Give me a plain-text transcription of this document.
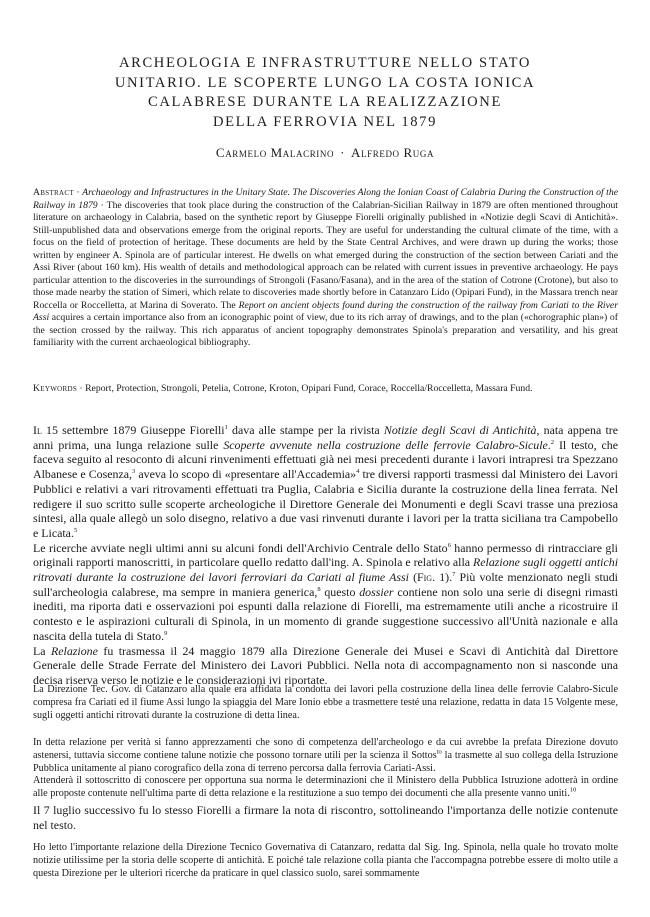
ARCHEOLOGIA E INFRASTRUTTURE NELLO STATO
UNITARIO. LE SCOPERTE LUNGO LA COSTA IONICA
CALABRESE DURANTE LA REALIZZAZIONE
DELLA FERROVIA NEL 1879
Carmelo Malacrino · Alfredo Ruga
Abstract · Archaeology and Infrastructures in the Unitary State. The Discoveries Along the Ionian Coast of Calabria During the Construction of the Railway in 1879 · The discoveries that took place during the construction of the Calabrian-Sicilian Railway in 1879 are often mentioned throughout literature on archaeology in Calabria, based on the synthetic report by Giuseppe Fiorelli originally published in «Notizie degli Scavi di Antichità». Still-unpublished data and observations emerge from the original reports. They are useful for understanding the cultural climate of the time, with a focus on the field of protection of heritage. These documents are held by the State Central Archives, and were drawn up during the works; those written by engineer A. Spinola are of particular interest. He dwells on what emerged during the construction of the section between Cariati and the Assi River (about 160 km). His wealth of details and methodological approach can be related with current issues in preventive archaeology. He pays particular attention to the discoveries in the surroundings of Strongoli (Fasano/Fasana), and in the area of the station of Cotrone (Crotone), but also to those made nearby the station of Simeri, which relate to discoveries made shortly before in Catanzaro Lido (Opipari Fund), in the Massara trench near Roccella or Roccelletta, at Marina di Soverato. The Report on ancient objects found during the construction of the railway from Cariati to the River Assi acquires a certain importance also from an iconographic point of view, due to its rich array of drawings, and to the plan («chorographic plan») of the section crossed by the railway. This rich apparatus of ancient topography demonstrates Spinola's preparation and versatility, and his great familiarity with the current archaeological bibliography.
Keywords · Report, Protection, Strongoli, Petelia, Cotrone, Kroton, Opipari Fund, Corace, Roccella/Roccelletta, Massara Fund.

Il 15 settembre 1879 Giuseppe Fiorelli$^1$ dava alle stampe per la rivista Notizie degli Scavi di Antichità, nata appena tre anni prima, una lunga relazione sulle Scoperte avvenute nella costruzione delle ferrovie Calabro-Sicule.$^2$ Il testo, che faceva seguito al resoconto di alcuni rinvenimenti effettuati già nei mesi precedenti durante i lavori intrapresi tra Spezzano Albanese e Cosenza,$^3$ aveva lo scopo di «presentare all'Accademia»$^4$ tre diversi rapporti trasmessi dal Ministero dei Lavori Pubblici e relativi a vari ritrovamenti effettuati tra Puglia, Calabria e Sicilia durante la costruzione della linea ferrata. Nel redigere il suo scritto sulle scoperte archeologiche il Direttore Generale dei Monumenti e degli Scavi trasse una preziosa sintesi, alla quale allegò un solo disegno, relativo a due vasi rinvenuti durante i lavori per la tratta siciliana tra Campobello e Licata.$^5$

Le ricerche avviate negli ultimi anni su alcuni fondi dell'Archivio Centrale dello Stato$^6$ hanno permesso di rintracciare gli originali rapporti manoscritti, in particolare quello redatto dall'ing. A. Spinola e relativo alla Relazione sugli oggetti antichi ritrovati durante la costruzione dei lavori ferroviari da Cariati al fiume Assi (Fig. 1).$^7$ Più volte menzionato negli studi sull'archeologia calabrese, ma sempre in maniera generica,$^8$ questo dossier contiene non solo una serie di disegni rimasti inediti, ma riporta dati e osservazioni poi espunti dalla relazione di Fiorelli, ma estremamente utili anche a ricostruire il contesto e le aspirazioni culturali di Spinola, in un momento di grande suggestione successivo all'Unità nazionale e alla nascita della tutela di Stato.$^9$

La Relazione fu trasmessa il 24 maggio 1879 alla Direzione Generale dei Musei e Scavi di Antichità dal Direttore Generale delle Strade Ferrate del Ministero dei Lavori Pubblici. Nella nota di accompagnamento non si nasconde una decisa riserva verso le notizie e le considerazioni ivi riportate.

La Direzione Tec. Gov. di Catanzaro alla quale era affidata la condotta dei lavori pella costruzione della linea delle ferrovie Calabro-Sicule compresa fra Cariati ed il fiume Assi lungo la spiaggia del Mare Ionio ebbe a trasmettere testé una relazione, redatta in data 15 Volgente mese, sugli oggetti antichi ritrovati durante la costruzione di detta linea.

In detta relazione per verità si fanno apprezzamenti che sono di competenza dell'archeologo e da cui avrebbe la prefata Direzione dovuto astenersi, tuttavia siccome contiene talune notizie che possono tornare utili per la scienza il Sottos$^{to}$ la trasmette al suo collega della Istruzione Pubblica unitamente al piano corografico della zona di terreno percorsa dalla ferrovia Cariati-Assi.

Attenderà il sottoscritto di conoscere per opportuna sua norma le determinazioni che il Ministero della Pubblica Istruzione adotterà in ordine alle proposte contenute nell'ultima parte di detta relazione e la restituzione a suo tempo dei documenti che alla presente vanno uniti.$^{10}$

Il 7 luglio successivo fu lo stesso Fiorelli a firmare la nota di riscontro, sottolineando l'importanza delle notizie contenute nel testo.

Ho letto l'importante relazione della Direzione Tecnico Governativa di Catanzaro, redatta dal Sig. Ing. Spinola, nella quale ho trovato molte notizie utilissime per la storia delle scoperte di antichità. E poiché tale relazione colla pianta che l'accompagna potrebbe essere di molto utile a questa Direzione per le ulteriori ricerche da praticare in quel classico suolo, sarei sommamente
